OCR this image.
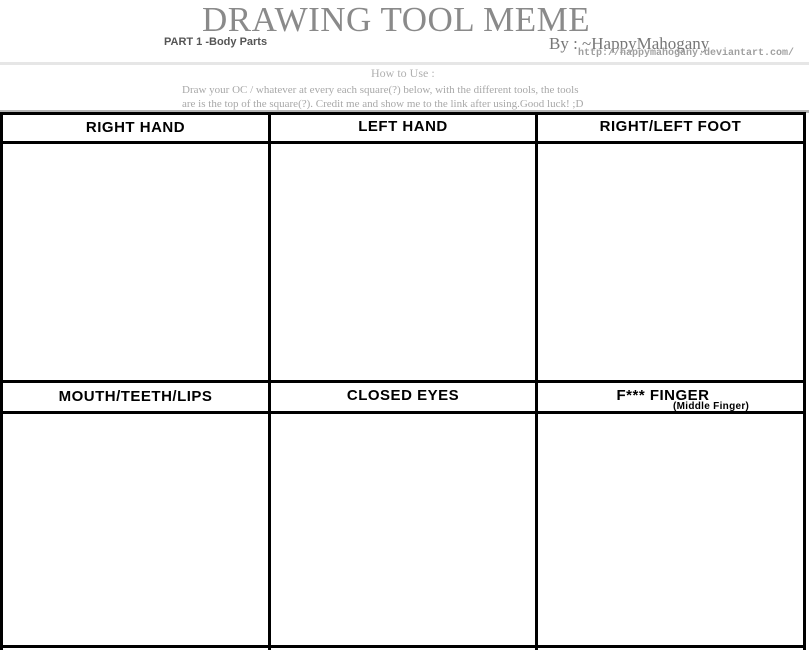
DRAWING TOOL MEME
PART 1 -Body Parts	By : ~HappyMahogany
http://happymahogany.deviantart.com/
How to Use :
Draw your OC / whatever at every each square(?) below, with the different tools, the tools
are is the top of the square(?). Credit me and show me to the link after using.Good luck! ;D
RIGHT HAND	LEFT HAND	RIGHT/LEFT FOOT
MOUTH/TEETH/LIPS	CLOSED EYES	F*** FINGER
(Middle Finger)
